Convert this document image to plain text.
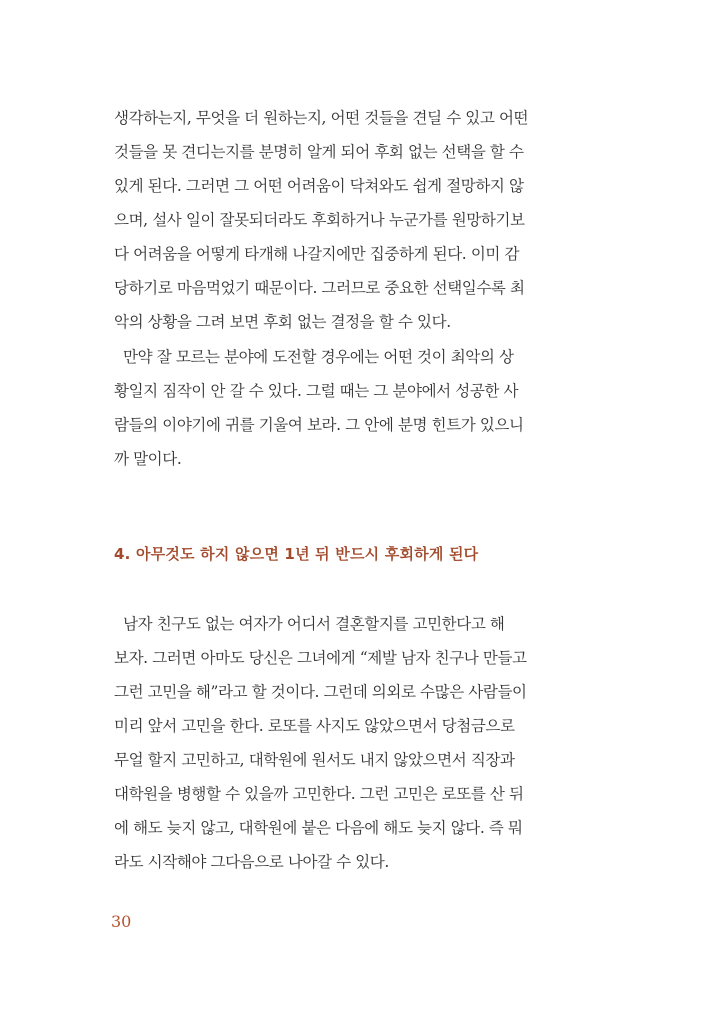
생각하는지, 무엇을 더 원하는지, 어떤 것들을 견딜 수 있고 어떤
것들을 못 견디는지를 분명히 알게 되어 후회 없는 선택을 할 수
있게 된다. 그러면 그 어떤 어려움이 닥쳐와도 쉽게 절망하지 않
으며, 설사 일이 잘못되더라도 후회하거나 누군가를 원망하기보
다 어려움을 어떻게 타개해 나갈지에만 집중하게 된다. 이미 감
당하기로 마음먹었기 때문이다. 그러므로 중요한 선택일수록 최
악의 상황을 그려 보면 후회 없는 결정을 할 수 있다.
만약 잘 모르는 분야에 도전할 경우에는 어떤 것이 최악의 상
황일지 짐작이 안 갈 수 있다. 그럴 때는 그 분야에서 성공한 사
람들의 이야기에 귀를 기울여 보라. 그 안에 분명 힌트가 있으니
까 말이다.
4. 아무것도 하지 않으면 1년 뒤 반드시 후회하게 된다
남자 친구도 없는 여자가 어디서 결혼할지를 고민한다고 해
보자. 그러면 아마도 당신은 그녀에게 “제발 남자 친구나 만들고
그런 고민을 해”라고 할 것이다. 그런데 의외로 수많은 사람들이
미리 앞서 고민을 한다. 로또를 사지도 않았으면서 당첨금으로
무얼 할지 고민하고, 대학원에 원서도 내지 않았으면서 직장과
대학원을 병행할 수 있을까 고민한다. 그런 고민은 로또를 산 뒤
에 해도 늦지 않고, 대학원에 붙은 다음에 해도 늦지 않다. 즉 뭐
라도 시작해야 그다음으로 나아갈 수 있다.
30
